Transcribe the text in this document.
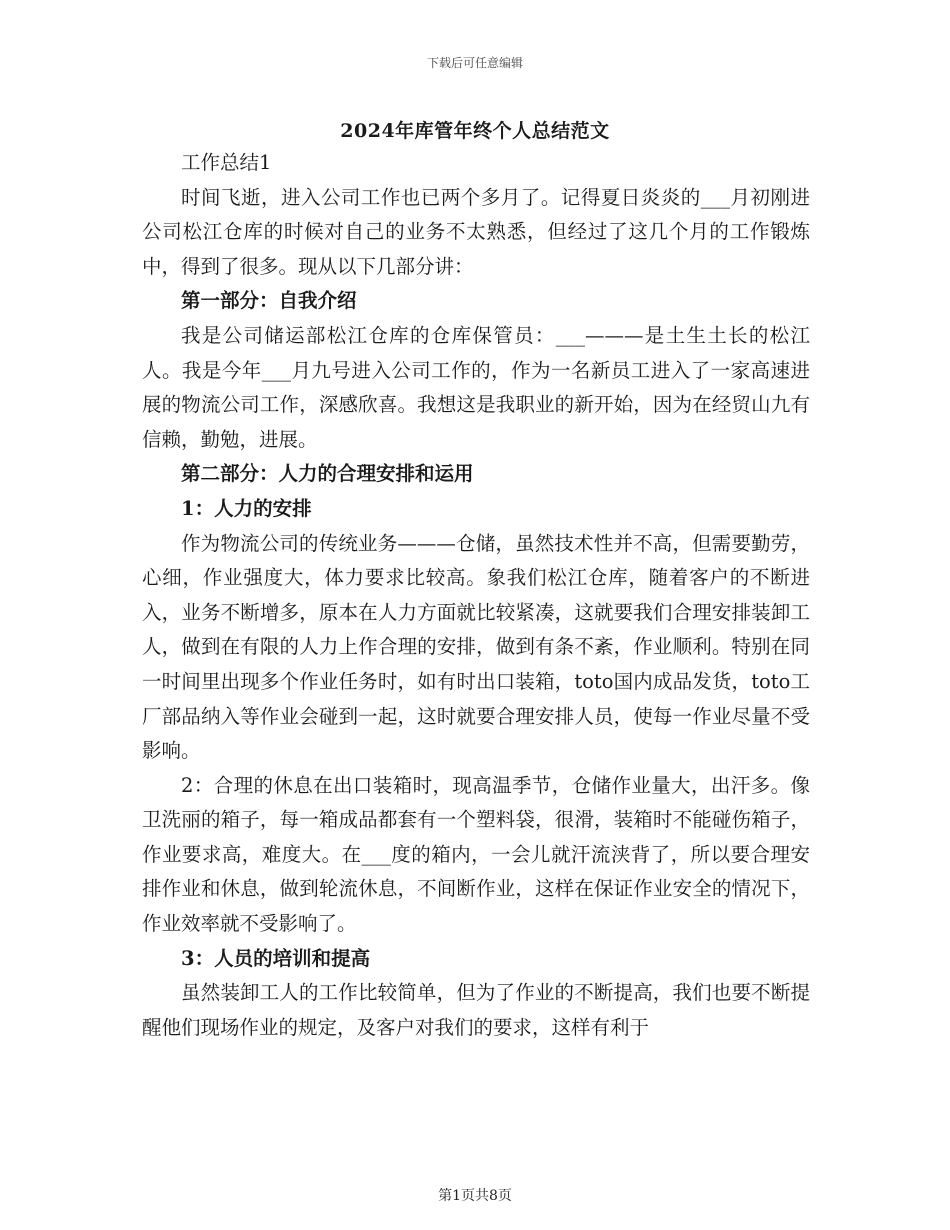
下载后可任意编辑
2024年库管年终个人总结范文

工作总结1

时间飞逝，进入公司工作也已两个多月了。记得夏日炎炎的___月初刚进公司松江仓库的时候对自己的业务不太熟悉，但经过了这几个月的工作锻炼中，得到了很多。现从以下几部分讲：

第一部分：自我介绍

我是公司储运部松江仓库的仓库保管员：___———是土生土长的松江人。我是今年___月九号进入公司工作的，作为一名新员工进入了一家高速进展的物流公司工作，深感欣喜。我想这是我职业的新开始，因为在经贸山九有信赖，勤勉，进展。

第二部分：人力的合理安排和运用

1：人力的安排

作为物流公司的传统业务———仓储，虽然技术性并不高，但需要勤劳，心细，作业强度大，体力要求比较高。象我们松江仓库，随着客户的不断进入，业务不断增多，原本在人力方面就比较紧凑，这就要我们合理安排装卸工人，做到在有限的人力上作合理的安排，做到有条不紊，作业顺利。特别在同一时间里出现多个作业任务时，如有时出口装箱，toto国内成品发货，toto工厂部品纳入等作业会碰到一起，这时就要合理安排人员，使每一作业尽量不受影响。

2：合理的休息在出口装箱时，现高温季节，仓储作业量大，出汗多。像卫洗丽的箱子，每一箱成品都套有一个塑料袋，很滑，装箱时不能碰伤箱子，作业要求高，难度大。在___度的箱内，一会儿就汗流浃背了，所以要合理安排作业和休息，做到轮流休息，不间断作业，这样在保证作业安全的情况下，作业效率就不受影响了。

3：人员的培训和提高

虽然装卸工人的工作比较简单，但为了作业的不断提高，我们也要不断提醒他们现场作业的规定，及客户对我们的要求，这样有利于

第1页共8页
